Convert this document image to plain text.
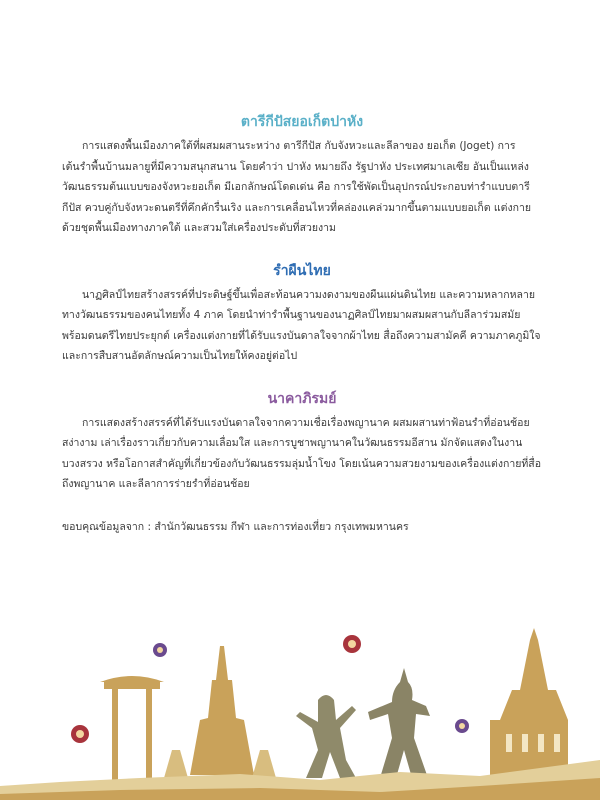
ตารีกีปัสยอเก็ตปาหัง

การแสดงพื้นเมืองภาคใต้ที่ผสมผสานระหว่าง ตารีกีปัส กับจังหวะและลีลาของ ยอเก็ต (Joget) การเต้นรำพื้นบ้านมลายูที่มีความสนุกสนาน โดยคำว่า ปาหัง หมายถึง รัฐปาหัง ประเทศมาเลเซีย อันเป็นแหล่งวัฒนธรรมต้นแบบของจังหวะยอเก็ต มีเอกลักษณ์โดดเด่น คือ การใช้พัดเป็นอุปกรณ์ประกอบท่ารำแบบตารีกีปัส ควบคู่กับจังหวะดนตรีที่คึกคักรื่นเริง และการเคลื่อนไหวที่คล่องแคล่วมากขึ้นตามแบบยอเก็ต แต่งกายด้วยชุดพื้นเมืองทางภาคใต้ และสวมใส่เครื่องประดับที่สวยงาม

รำผืนไทย

นาฏศิลป์ไทยสร้างสรรค์ที่ประดิษฐ์ขึ้นเพื่อสะท้อนความงดงามของผืนแผ่นดินไทย และความหลากหลายทางวัฒนธรรมของคนไทยทั้ง 4 ภาค โดยนำท่ารำพื้นฐานของนาฏศิลป์ไทยมาผสมผสานกับลีลาร่วมสมัย พร้อมดนตรีไทยประยุกต์ เครื่องแต่งกายที่ได้รับแรงบันดาลใจจากผ้าไทย สื่อถึงความสามัคคี ความภาคภูมิใจ และการสืบสานอัตลักษณ์ความเป็นไทยให้คงอยู่ต่อไป

นาคาภิรมย์

การแสดงสร้างสรรค์ที่ได้รับแรงบันดาลใจจากความเชื่อเรื่องพญานาค ผสมผสานท่าฟ้อนรำที่อ่อนช้อยสง่างาม เล่าเรื่องราวเกี่ยวกับความเลื่อมใส และการบูชาพญานาคในวัฒนธรรมอีสาน มักจัดแสดงในงานบวงสรวง หรือโอกาสสำคัญที่เกี่ยวข้องกับวัฒนธรรมลุ่มน้ำโขง โดยเน้นความสวยงามของเครื่องแต่งกายที่สื่อถึงพญานาค และลีลาการร่ายรำที่อ่อนช้อย

ขอบคุณข้อมูลจาก : สำนักวัฒนธรรม กีฬา และการท่องเที่ยว กรุงเทพมหานคร
